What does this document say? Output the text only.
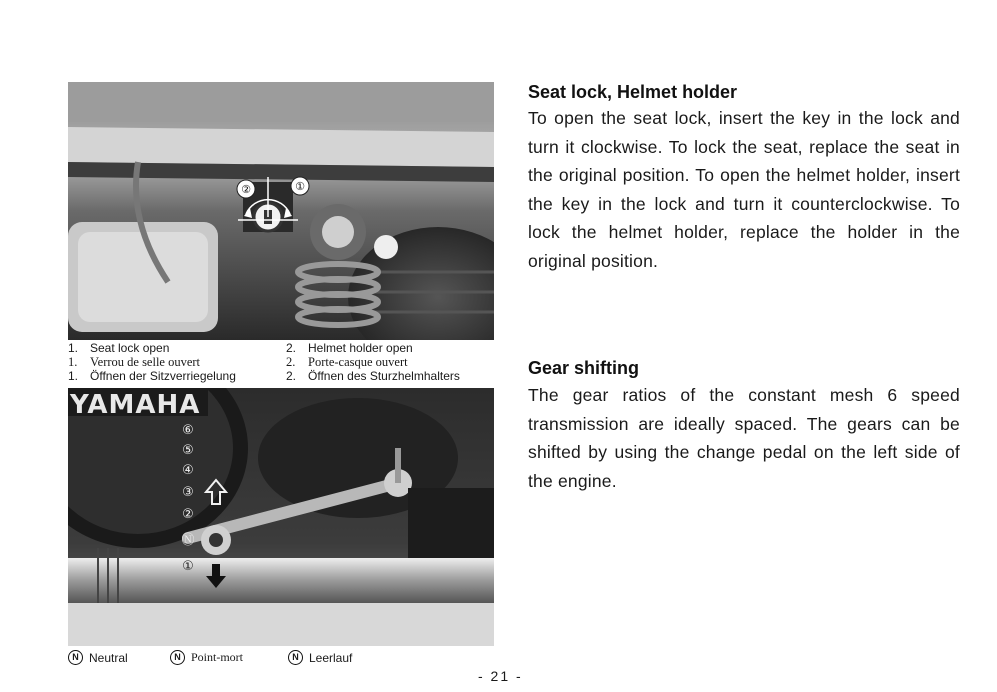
②	①
1. Seat lock open	2. Helmet holder open
1. Verrou de selle ouvert	2. Porte-casque ouvert
1. Öffnen der Sitzverriegelung	2. Öffnen des Sturzhelmhalters
YAMAHA
⑥
⑤
④
③
②
Ⓝ
①
N Neutral	N Point-mort	N Leerlauf
Seat lock, Helmet holder
To open the seat lock, insert the key in the lock and turn it clockwise. To lock the seat, replace the seat in the original position. To open the helmet holder, insert the key in the lock and turn it counterclockwise. To lock the helmet holder, replace the holder in the original position.
Gear shifting
The gear ratios of the constant mesh 6 speed transmission are ideally spaced. The gears can be shifted by using the change pedal on the left side of the engine.
- 21 -
